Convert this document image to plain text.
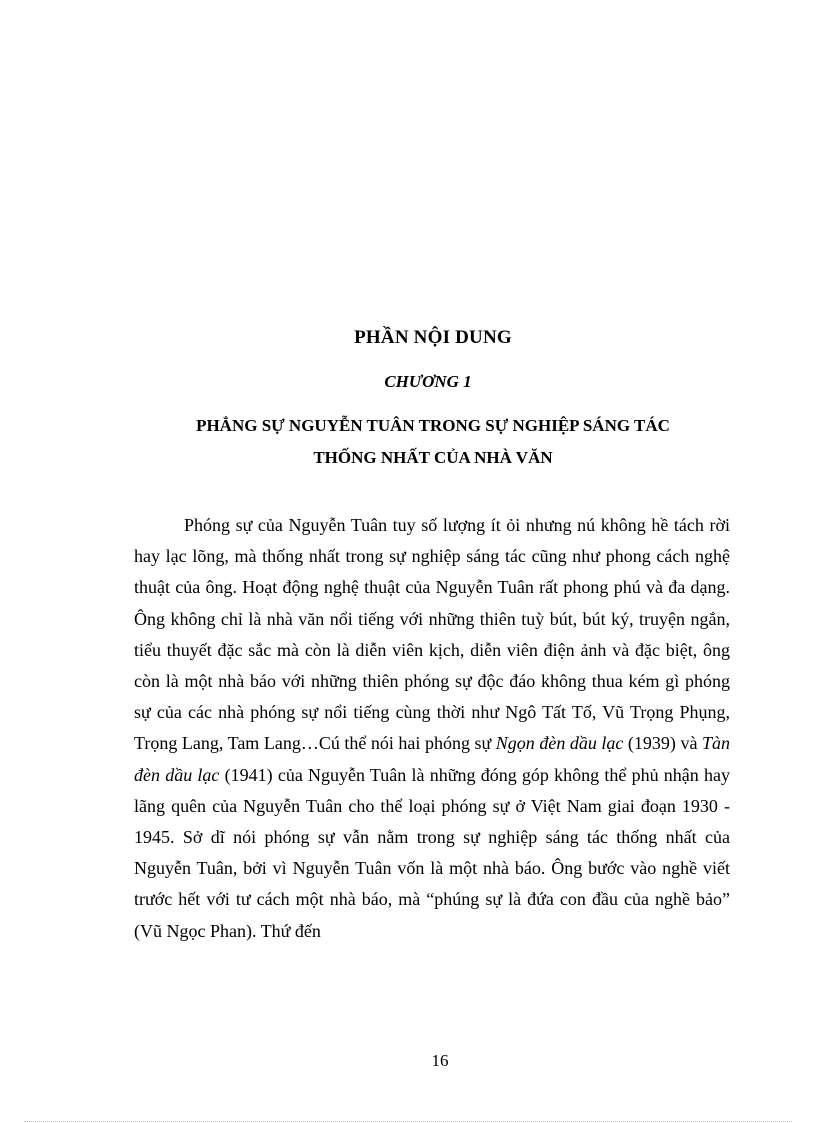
PHẦN NỘI DUNG
CHƯƠNG 1
PHẲNG SỰ NGUYỄN TUÂN TRONG SỰ NGHIỆP SÁNG TÁC
THỐNG NHẤT CỦA NHÀ VĂN

Phóng sự của Nguyễn Tuân tuy số lượng ít ỏi nhưng nú không hề tách rời hay lạc lõng, mà thống nhất trong sự nghiệp sáng tác cũng như phong cách nghệ thuật của ông. Hoạt động nghệ thuật của Nguyễn Tuân rất phong phú và đa dạng. Ông không chỉ là nhà văn nổi tiếng với những thiên tuỳ bút, bút ký, truyện ngắn, tiểu thuyết đặc sắc mà còn là diễn viên kịch, diễn viên điện ảnh và đặc biệt, ông còn là một nhà báo với những thiên phóng sự độc đáo không thua kém gì phóng sự của các nhà phóng sự nổi tiếng cùng thời như Ngô Tất Tố, Vũ Trọng Phụng, Trọng Lang, Tam Lang…Cú thể nói hai phóng sự Ngọn đèn dầu lạc (1939) và Tàn đèn dầu lạc (1941) của Nguyễn Tuân là những đóng góp không thể phủ nhận hay lãng quên của Nguyễn Tuân cho thể loại phóng sự ở Việt Nam giai đoạn 1930 - 1945. Sở dĩ nói phóng sự vẫn nằm trong sự nghiệp sáng tác thống nhất của Nguyễn Tuân, bởi vì Nguyễn Tuân vốn là một nhà báo. Ông bước vào nghề viết trước hết với tư cách một nhà báo, mà “phúng sự là đứa con đầu của nghề bảo” (Vũ Ngọc Phan). Thứ đến

16
